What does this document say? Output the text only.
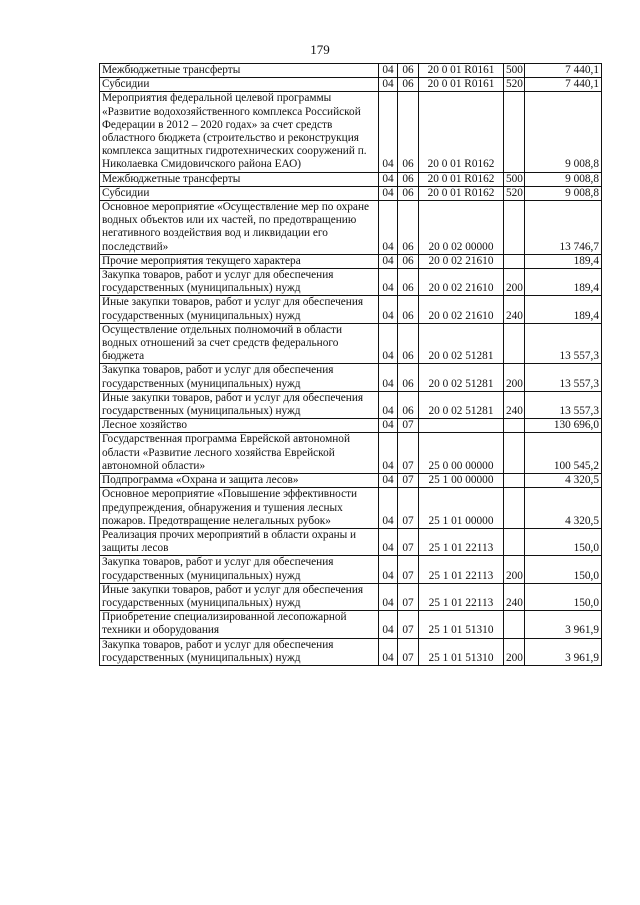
179
Межбюджетные трансферты	04	06	20 0 01 R0161	500	7 440,1
Субсидии	04	06	20 0 01 R0161	520	7 440,1
Мероприятия федеральной целевой программы «Развитие водохозяйственного комплекса Российской Федерации в 2012 – 2020 годах» за счет средств областного бюджета (строительство и реконструкция комплекса защитных гидротехнических сооружений п. Николаевка Смидовичского района ЕАО)	04	06	20 0 01 R0162		9 008,8
Межбюджетные трансферты	04	06	20 0 01 R0162	500	9 008,8
Субсидии	04	06	20 0 01 R0162	520	9 008,8
Основное мероприятие «Осуществление мер по охране водных объектов или их частей, по предотвращению негативного воздействия вод и ликвидации его последствий»	04	06	20 0 02 00000		13 746,7
Прочие мероприятия текущего характера	04	06	20 0 02 21610		189,4
Закупка товаров, работ и услуг для обеспечения государственных (муниципальных) нужд	04	06	20 0 02 21610	200	189,4
Иные закупки товаров, работ и услуг для обеспечения государственных (муниципальных) нужд	04	06	20 0 02 21610	240	189,4
Осуществление отдельных полномочий в области водных отношений за счет средств федерального бюджета	04	06	20 0 02 51281		13 557,3
Закупка товаров, работ и услуг для обеспечения государственных (муниципальных) нужд	04	06	20 0 02 51281	200	13 557,3
Иные закупки товаров, работ и услуг для обеспечения государственных (муниципальных) нужд	04	06	20 0 02 51281	240	13 557,3
Лесное хозяйство	04	07			130 696,0
Государственная программа Еврейской автономной области «Развитие лесного хозяйства Еврейской автономной области»	04	07	25 0 00 00000		100 545,2
Подпрограмма «Охрана и защита лесов»	04	07	25 1 00 00000		4 320,5
Основное мероприятие «Повышение эффективности предупреждения, обнаружения и тушения лесных пожаров. Предотвращение нелегальных рубок»	04	07	25 1 01 00000		4 320,5
Реализация прочих мероприятий в области охраны и защиты лесов	04	07	25 1 01 22113		150,0
Закупка товаров, работ и услуг для обеспечения государственных (муниципальных) нужд	04	07	25 1 01 22113	200	150,0
Иные закупки товаров, работ и услуг для обеспечения государственных (муниципальных) нужд	04	07	25 1 01 22113	240	150,0
Приобретение специализированной лесопожарной техники и оборудования	04	07	25 1 01 51310		3 961,9
Закупка товаров, работ и услуг для обеспечения государственных (муниципальных) нужд	04	07	25 1 01 51310	200	3 961,9
